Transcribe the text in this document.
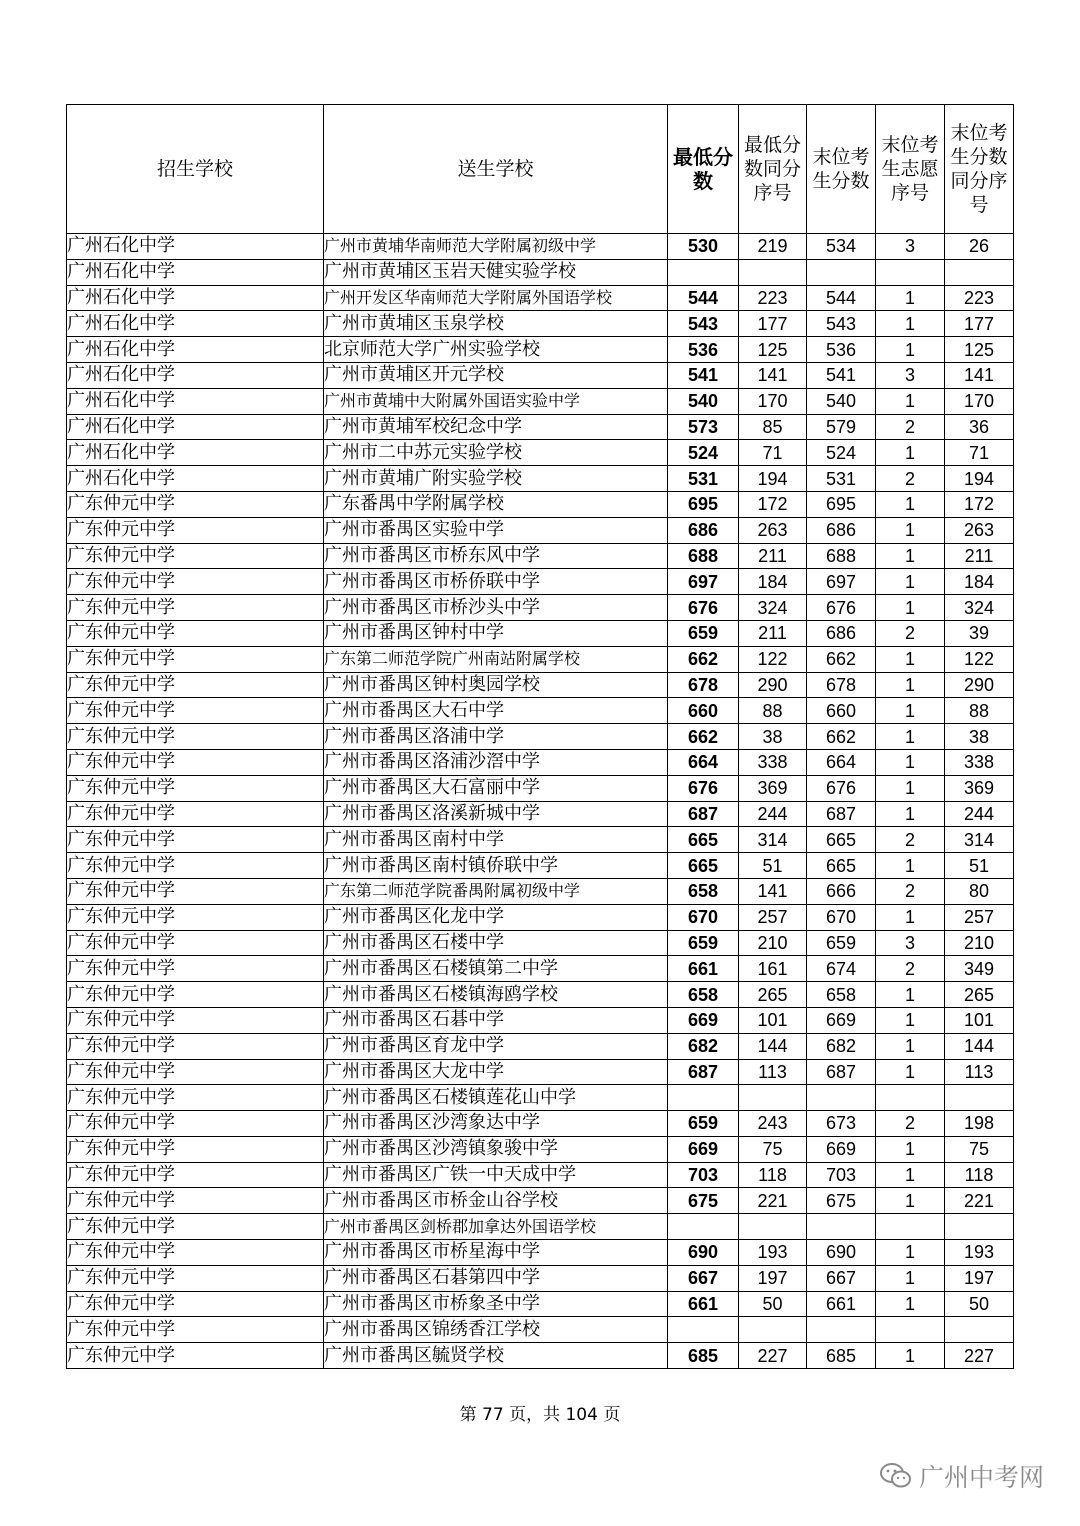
招生学校	送生学校	最低分数	最低分数同分序号	末位考生分数	末位考生志愿序号	末位考生分数同分序号
广州石化中学	广州市黄埔华南师范大学附属初级中学	530	219	534	3	26
广州石化中学	广州市黄埔区玉岩天健实验学校					
广州石化中学	广州开发区华南师范大学附属外国语学校	544	223	544	1	223
广州石化中学	广州市黄埔区玉泉学校	543	177	543	1	177
广州石化中学	北京师范大学广州实验学校	536	125	536	1	125
广州石化中学	广州市黄埔区开元学校	541	141	541	3	141
广州石化中学	广州市黄埔中大附属外国语实验中学	540	170	540	1	170
广州石化中学	广州市黄埔军校纪念中学	573	85	579	2	36
广州石化中学	广州市二中苏元实验学校	524	71	524	1	71
广州石化中学	广州市黄埔广附实验学校	531	194	531	2	194
广东仲元中学	广东番禺中学附属学校	695	172	695	1	172
广东仲元中学	广州市番禺区实验中学	686	263	686	1	263
广东仲元中学	广州市番禺区市桥东风中学	688	211	688	1	211
广东仲元中学	广州市番禺区市桥侨联中学	697	184	697	1	184
广东仲元中学	广州市番禺区市桥沙头中学	676	324	676	1	324
广东仲元中学	广州市番禺区钟村中学	659	211	686	2	39
广东仲元中学	广东第二师范学院广州南站附属学校	662	122	662	1	122
广东仲元中学	广州市番禺区钟村奥园学校	678	290	678	1	290
广东仲元中学	广州市番禺区大石中学	660	88	660	1	88
广东仲元中学	广州市番禺区洛浦中学	662	38	662	1	38
广东仲元中学	广州市番禺区洛浦沙滘中学	664	338	664	1	338
广东仲元中学	广州市番禺区大石富丽中学	676	369	676	1	369
广东仲元中学	广州市番禺区洛溪新城中学	687	244	687	1	244
广东仲元中学	广州市番禺区南村中学	665	314	665	2	314
广东仲元中学	广州市番禺区南村镇侨联中学	665	51	665	1	51
广东仲元中学	广东第二师范学院番禺附属初级中学	658	141	666	2	80
广东仲元中学	广州市番禺区化龙中学	670	257	670	1	257
广东仲元中学	广州市番禺区石楼中学	659	210	659	3	210
广东仲元中学	广州市番禺区石楼镇第二中学	661	161	674	2	349
广东仲元中学	广州市番禺区石楼镇海鸥学校	658	265	658	1	265
广东仲元中学	广州市番禺区石碁中学	669	101	669	1	101
广东仲元中学	广州市番禺区育龙中学	682	144	682	1	144
广东仲元中学	广州市番禺区大龙中学	687	113	687	1	113
广东仲元中学	广州市番禺区石楼镇莲花山中学					
广东仲元中学	广州市番禺区沙湾象达中学	659	243	673	2	198
广东仲元中学	广州市番禺区沙湾镇象骏中学	669	75	669	1	75
广东仲元中学	广州市番禺区广铁一中天成中学	703	118	703	1	118
广东仲元中学	广州市番禺区市桥金山谷学校	675	221	675	1	221
广东仲元中学	广州市番禺区剑桥郡加拿达外国语学校					
广东仲元中学	广州市番禺区市桥星海中学	690	193	690	1	193
广东仲元中学	广州市番禺区石碁第四中学	667	197	667	1	197
广东仲元中学	广州市番禺区市桥象圣中学	661	50	661	1	50
广东仲元中学	广州市番禺区锦绣香江学校					
广东仲元中学	广州市番禺区毓贤学校	685	227	685	1	227
第 77 页，共 104 页
广州中考网
